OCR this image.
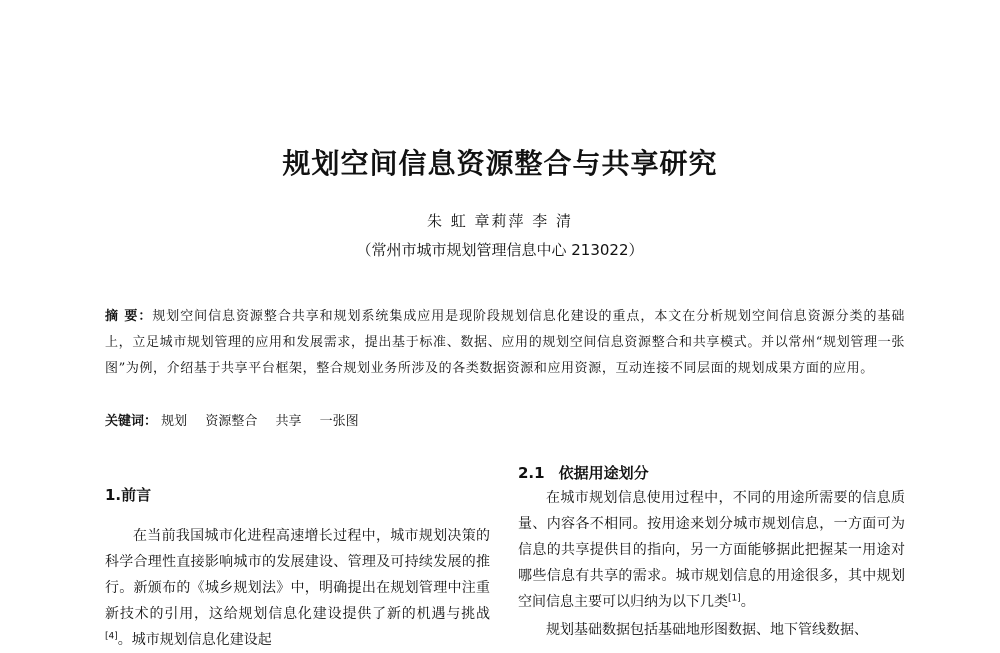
规划空间信息资源整合与共享研究
朱 虹 章莉萍 李 清
（常州市城市规划管理信息中心 213022）
摘 要：规划空间信息资源整合共享和规划系统集成应用是现阶段规划信息化建设的重点，本文在分析规划空间信息资源分类的基础上，立足城市规划管理的应用和发展需求，提出基于标准、数据、应用的规划空间信息资源整合和共享模式。并以常州“规划管理一张图”为例，介绍基于共享平台框架，整合规划业务所涉及的各类数据资源和应用资源，互动连接不同层面的规划成果方面的应用。
关键词： 规划 资源整合 共享 一张图
1.前言

在当前我国城市化进程高速增长过程中，城市规划决策的科学合理性直接影响城市的发展建设、管理及可持续发展的推行。新颁布的《城乡规划法》中，明确提出在规划管理中注重新技术的引用，这给规划信息化建设提供了新的机遇与挑战[4]。城市规划信息化建设起

2.1 依据用途划分

在城市规划信息使用过程中，不同的用途所需要的信息质量、内容各不相同。按用途来划分城市规划信息，一方面可为信息的共享提供目的指向，另一方面能够据此把握某一用途对哪些信息有共享的需求。城市规划信息的用途很多，其中规划空间信息主要可以归纳为以下几类[1]。

规划基础数据包括基础地形图数据、地下管线数据、
